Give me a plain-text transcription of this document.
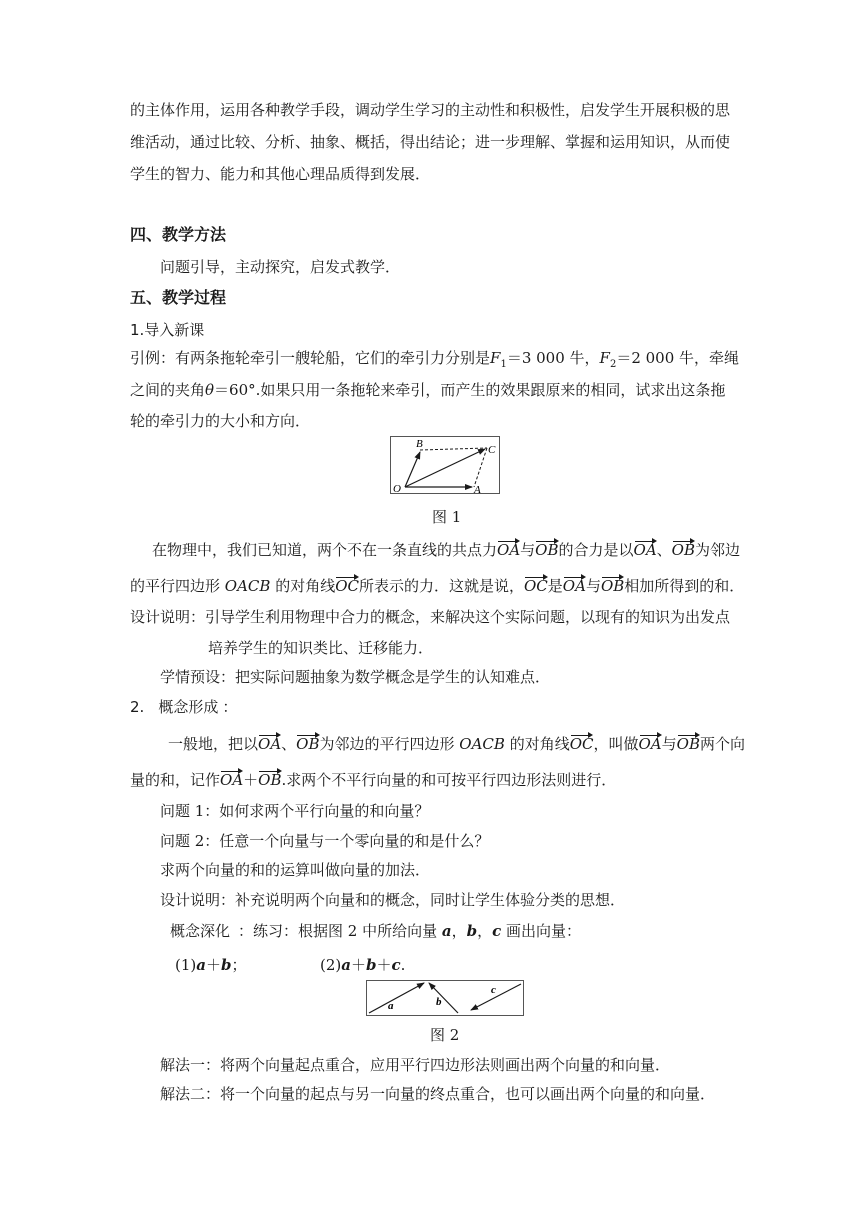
的主体作用，运用各种教学手段，调动学生学习的主动性和积极性，启发学生开展积极的思
维活动，通过比较、分析、抽象、概括，得出结论；进一步理解、掌握和运用知识，从而使
学生的智力、能力和其他心理品质得到发展．
四、教学方法
问题引导，主动探究，启发式教学．
五、教学过程
1.导入新课
引例：有两条拖轮牵引一艘轮船，它们的牵引力分别是$F_1=3$ 000 牛，$F_2=2$ 000 牛，牵绳
之间的夹角θ＝60°.如果只用一条拖轮来牵引，而产生的效果跟原来的相同，试求出这条拖
轮的牵引力的大小和方向．
B	C
O	A
图 1
在物理中，我们已知道，两个不在一条直线的共点力OA与OB的合力是以OA、OB为邻边
的平行四边形 OACB 的对角线OC所表示的力．这就是说，OC是OA与OB相加所得到的和．
设计说明：引导学生利用物理中合力的概念，来解决这个实际问题，以现有的知识为出发点
培养学生的知识类比、迁移能力．
学情预设：把实际问题抽象为数学概念是学生的认知难点．
2. 概念形成 ：
一般地，把以OA、OB为邻边的平行四边形 OACB 的对角线OC，叫做OA与OB两个向
量的和，记作OA＋OB.求两个不平行向量的和可按平行四边形法则进行．
问题 1：如何求两个平行向量的和向量？
问题 2：任意一个向量与一个零向量的和是什么？
求两个向量的和的运算叫做向量的加法．
设计说明：补充说明两个向量和的概念，同时让学生体验分类的思想．
概念深化 ：练习：根据图 2 中所给向量 a，b，c 画出向量：
(1)a＋b；	(2)a＋b＋c.
a	b
c
图 2
解法一：将两个向量起点重合，应用平行四边形法则画出两个向量的和向量．
解法二：将一个向量的起点与另一向量的终点重合，也可以画出两个向量的和向量．
